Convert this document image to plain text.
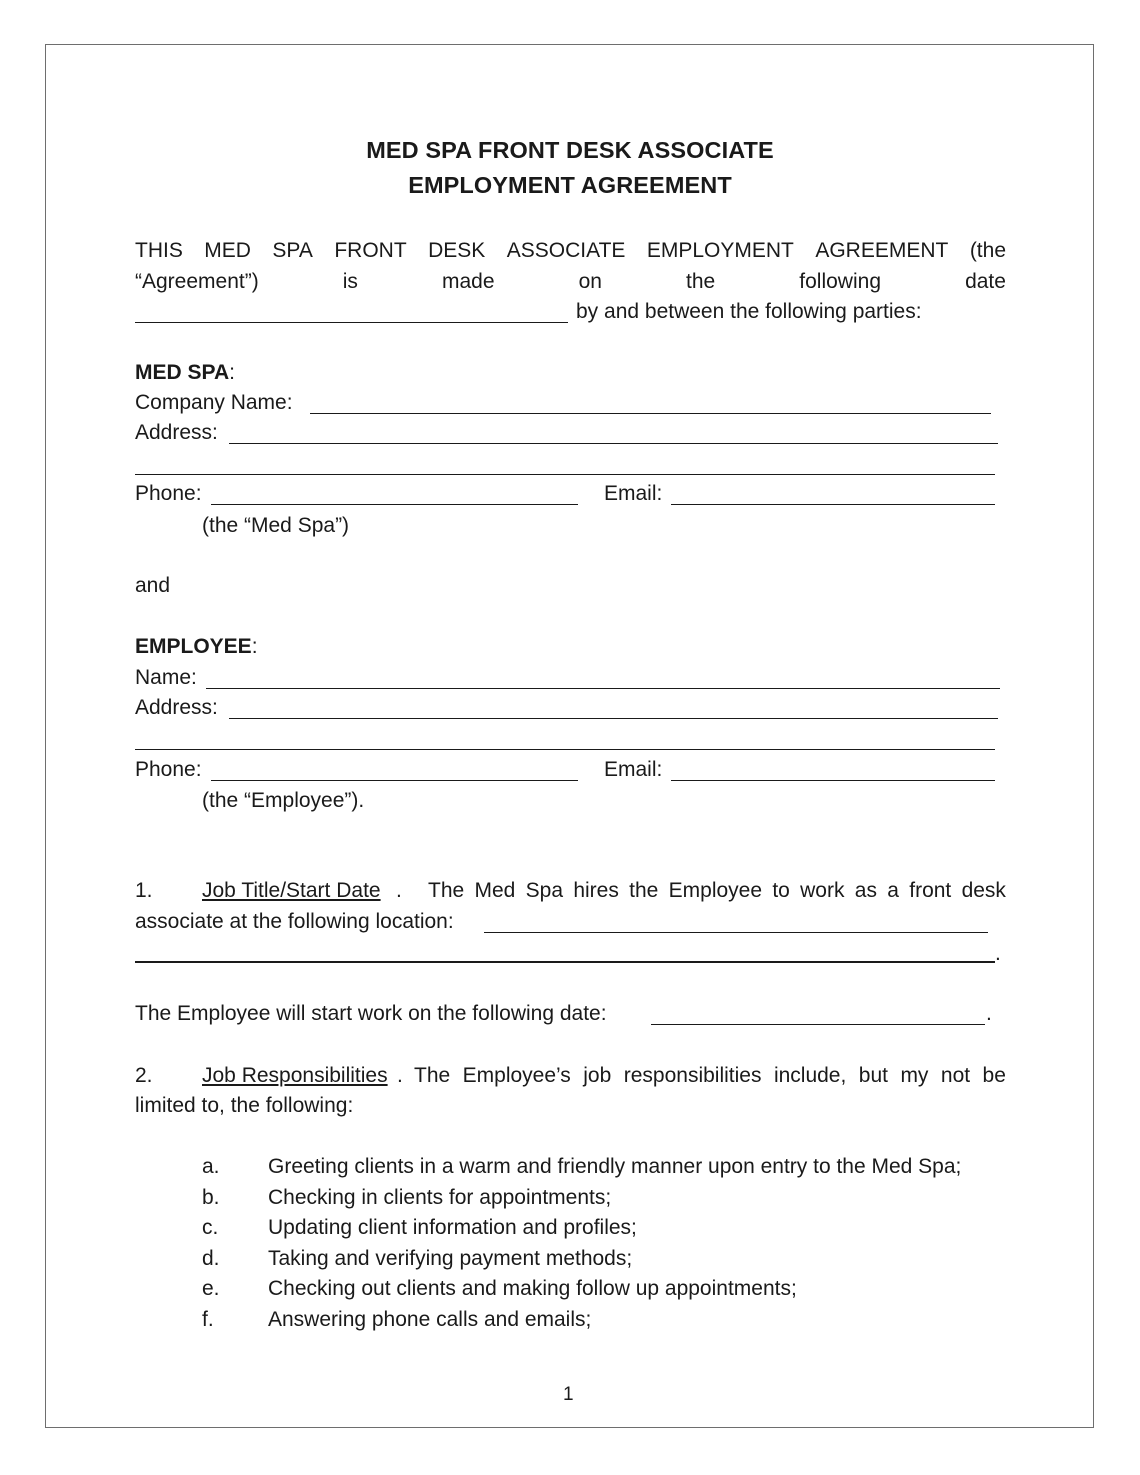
MED SPA FRONT DESK ASSOCIATE
EMPLOYMENT AGREEMENT
THIS MED SPA FRONT DESK ASSOCIATE EMPLOYMENT AGREEMENT (the
“Agreement”)	is	made	on	the	following	date
by and between the following parties:
MED SPA:
Company Name:
Address:
Phone:	Email:
(the “Med Spa”)
and
EMPLOYEE:
Name:
Address:
Phone:	Email:
(the “Employee”).
1. Job Title/Start Date The Med Spa hires the Employee to work as a front desk
associate at the following location:
.
The Employee will start work on the following date:	.
2. Job Responsibilities The Employee’s job responsibilities include, but my not be
limited to, the following:
a. Greeting clients in a warm and friendly manner upon entry to the Med Spa;
b. Checking in clients for appointments;
c. Updating client information and profiles;
d. Taking and verifying payment methods;
e. Checking out clients and making follow up appointments;
f.	Answering phone calls and emails;
1
.
.
